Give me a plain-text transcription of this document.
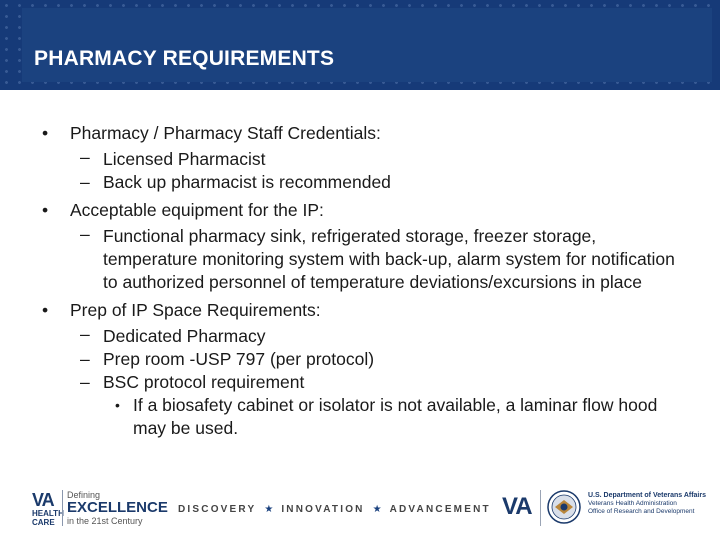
PHARMACY REQUIREMENTS
• Pharmacy / Pharmacy Staff Credentials:
– Licensed Pharmacist
– Back up pharmacist is recommended
• Acceptable equipment for the IP:
– Functional pharmacy sink, refrigerated storage, freezer storage, temperature monitoring system with back-up, alarm system for notification to authorized personnel of temperature deviations/excursions in place
• Prep of IP Space Requirements:
– Dedicated Pharmacy
– Prep room -USP 797 (per protocol)
– BSC protocol requirement
• If a biosafety cabinet or isolator is not available, a laminar flow hood may be used.
VA
HEALTH
CARE
Defining
EXCELLENCE
in the 21st Century
DISCOVERY ★ INNOVATION ★ ADVANCEMENT VA	U.S. Department of Veterans Affairs
Veterans Health Administration
Office of Research and Development
